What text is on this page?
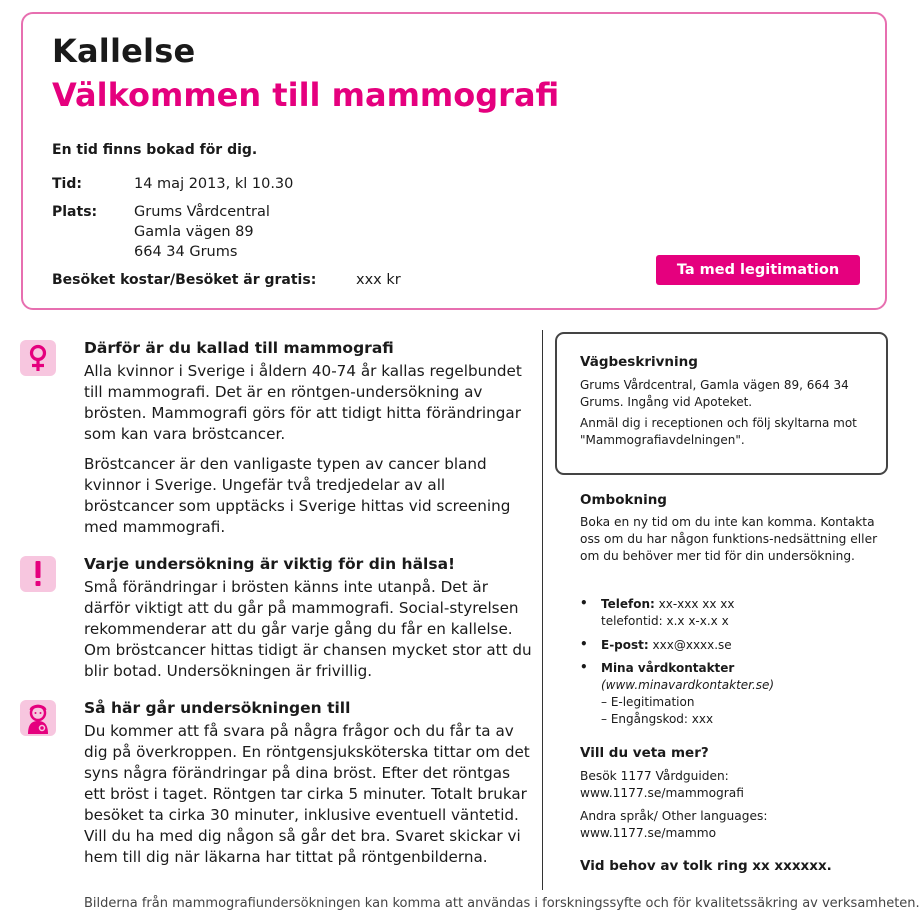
Kallelse
Välkommen till mammografi
En tid finns bokad för dig.
Tid:	14 maj 2013, kl 10.30
Plats:	Grums Vårdcentral
Gamla vägen 89
664 34 Grums
Besöket kostar/Besöket är gratis:	xxx kr
Ta med legitimation
Därför är du kallad till mammografi

Alla kvinnor i Sverige i åldern 40-74 år kallas regelbundet till mammografi. Det är en röntgen-undersökning av brösten. Mammografi görs för att tidigt hitta förändringar som kan vara bröstcancer.

Bröstcancer är den vanligaste typen av cancer bland kvinnor i Sverige. Ungefär två tredjedelar av all bröstcancer som upptäcks i Sverige hittas vid screening med mammografi.

Varje undersökning är viktig för din hälsa!

Små förändringar i brösten känns inte utanpå. Det är därför viktigt att du går på mammografi. Social-styrelsen rekommenderar att du går varje gång du får en kallelse. Om bröstcancer hittas tidigt är chansen mycket stor att du blir botad. Undersökningen är frivillig.

Så här går undersökningen till

Du kommer att få svara på några frågor och du får ta av dig på överkroppen. En röntgensjuksköterska tittar om det syns några förändringar på dina bröst. Efter det röntgas ett bröst i taget. Röntgen tar cirka 5 minuter. Totalt brukar besöket ta cirka 30 minuter, inklusive eventuell väntetid. Vill du ha med dig någon så går det bra. Svaret skickar vi hem till dig när läkarna har tittat på röntgenbilderna.

Bilderna från mammografiundersökningen kan komma att användas i forskningssyfte och för kvalitetssäkring av verksamheten.
Vägbeskrivning

Grums Vårdcentral, Gamla vägen 89, 664 34 Grums. Ingång vid Apoteket.

Anmäl dig i receptionen och följ skyltarna mot "Mammografiavdelningen".

Ombokning

Boka en ny tid om du inte kan komma. Kontakta oss om du har någon funktions-nedsättning eller om du behöver mer tid för din undersökning.

• Telefon: xx-xxx xx xx
telefontid: x.x x-x.x x
• E-post: xxx@xxxx.se
• Mina vårdkontakter
(www.minavardkontakter.se)
– E-legitimation
– Engångskod: xxx
Vill du veta mer?
Besök 1177 Vårdguiden:
www.1177.se/mammografi
Andra språk/ Other languages:
www.1177.se/mammo
Vid behov av tolk ring xx xxxxxx.
